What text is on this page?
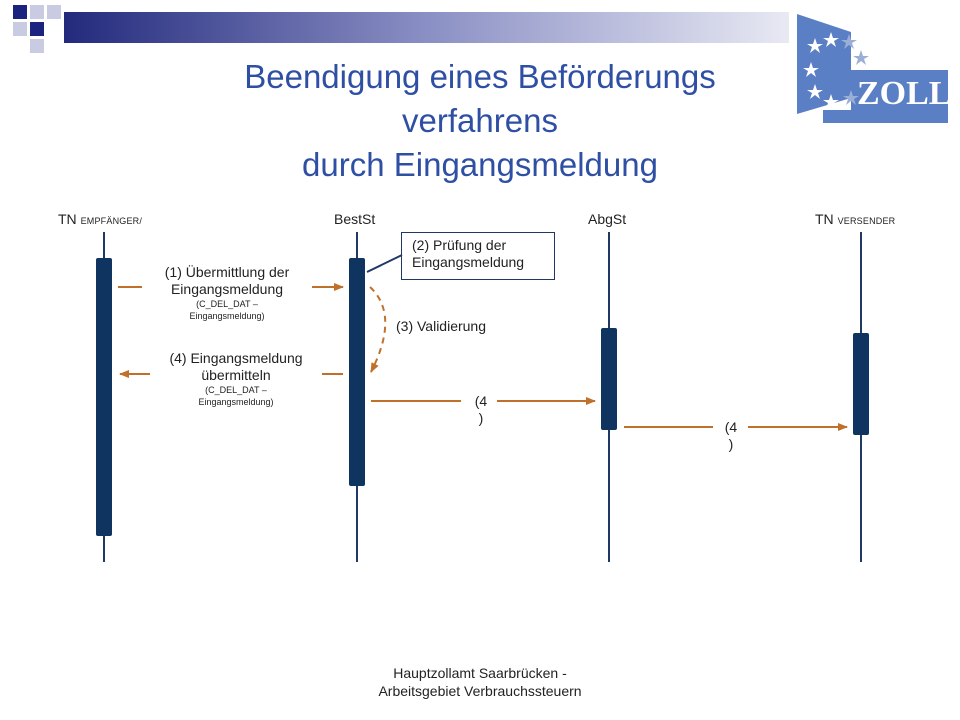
ZOLL
Beendigung eines Beförderungs
verfahrens
durch Eingangsmeldung
TN EMPFÄNGER/	BestSt	AbgSt	TN VERSENDER
(1) Übermittlung der
Eingangsmeldung
(C_DEL_DAT –
Eingangsmeldung)
(2) Prüfung der
Eingangsmeldung
(3) Validierung
(4) Eingangsmeldung
übermitteln
(C_DEL_DAT –
Eingangsmeldung)	(4
)
(4
)
Hauptzollamt Saarbrücken -
Arbeitsgebiet Verbrauchssteuern
